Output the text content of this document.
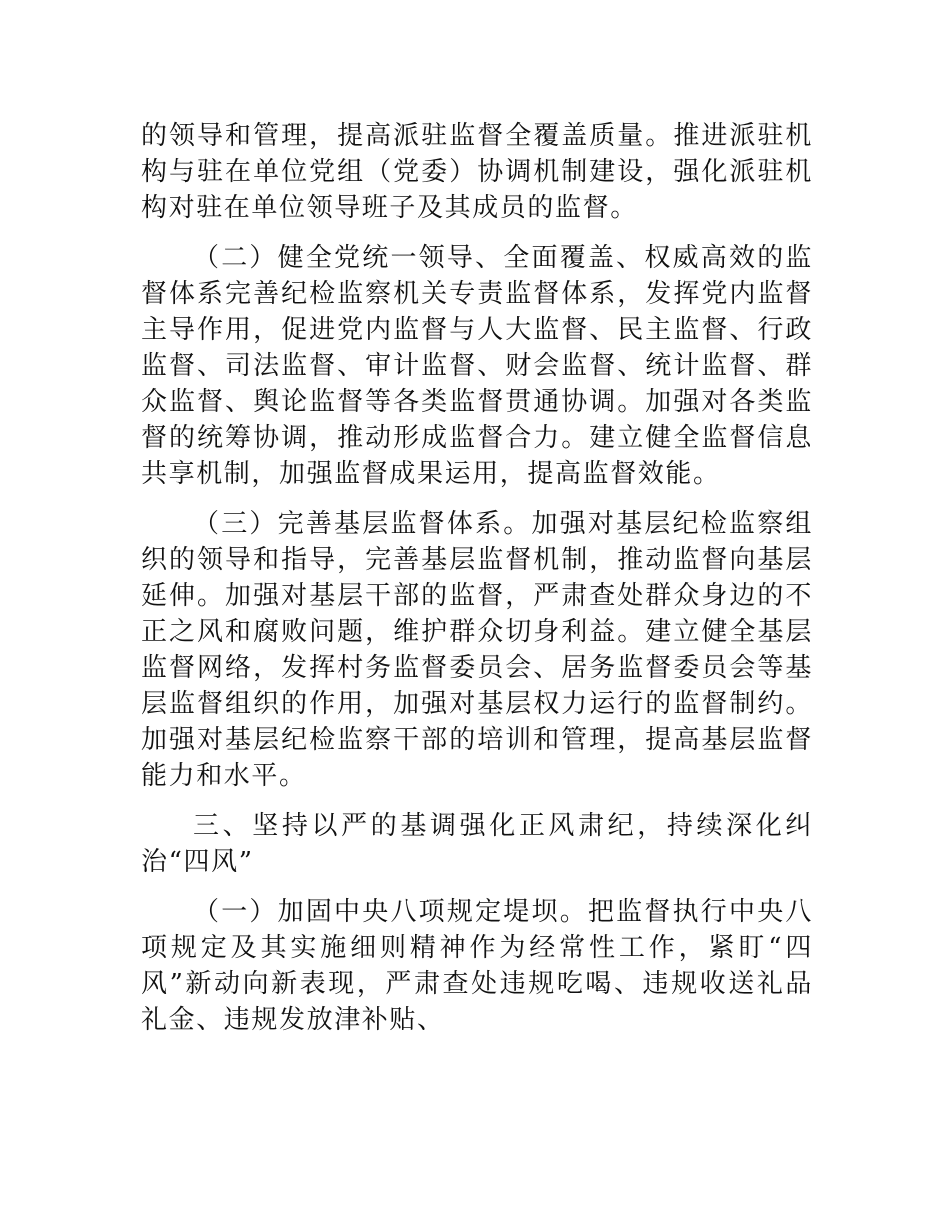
的领导和管理，提高派驻监督全覆盖质量。推进派驻机构与驻在单位党组（党委）协调机制建设，强化派驻机构对驻在单位领导班子及其成员的监督。

（二）健全党统一领导、全面覆盖、权威高效的监督体系完善纪检监察机关专责监督体系，发挥党内监督主导作用，促进党内监督与人大监督、民主监督、行政监督、司法监督、审计监督、财会监督、统计监督、群众监督、舆论监督等各类监督贯通协调。加强对各类监督的统筹协调，推动形成监督合力。建立健全监督信息共享机制，加强监督成果运用，提高监督效能。

（三）完善基层监督体系。加强对基层纪检监察组织的领导和指导，完善基层监督机制，推动监督向基层延伸。加强对基层干部的监督，严肃查处群众身边的不正之风和腐败问题，维护群众切身利益。建立健全基层监督网络，发挥村务监督委员会、居务监督委员会等基层监督组织的作用，加强对基层权力运行的监督制约。加强对基层纪检监察干部的培训和管理，提高基层监督能力和水平。

三、坚持以严的基调强化正风肃纪，持续深化纠治“四风”

（一）加固中央八项规定堤坝。把监督执行中央八项规定及其实施细则精神作为经常性工作，紧盯“四风”新动向新表现，严肃查处违规吃喝、违规收送礼品礼金、违规发放津补贴、
